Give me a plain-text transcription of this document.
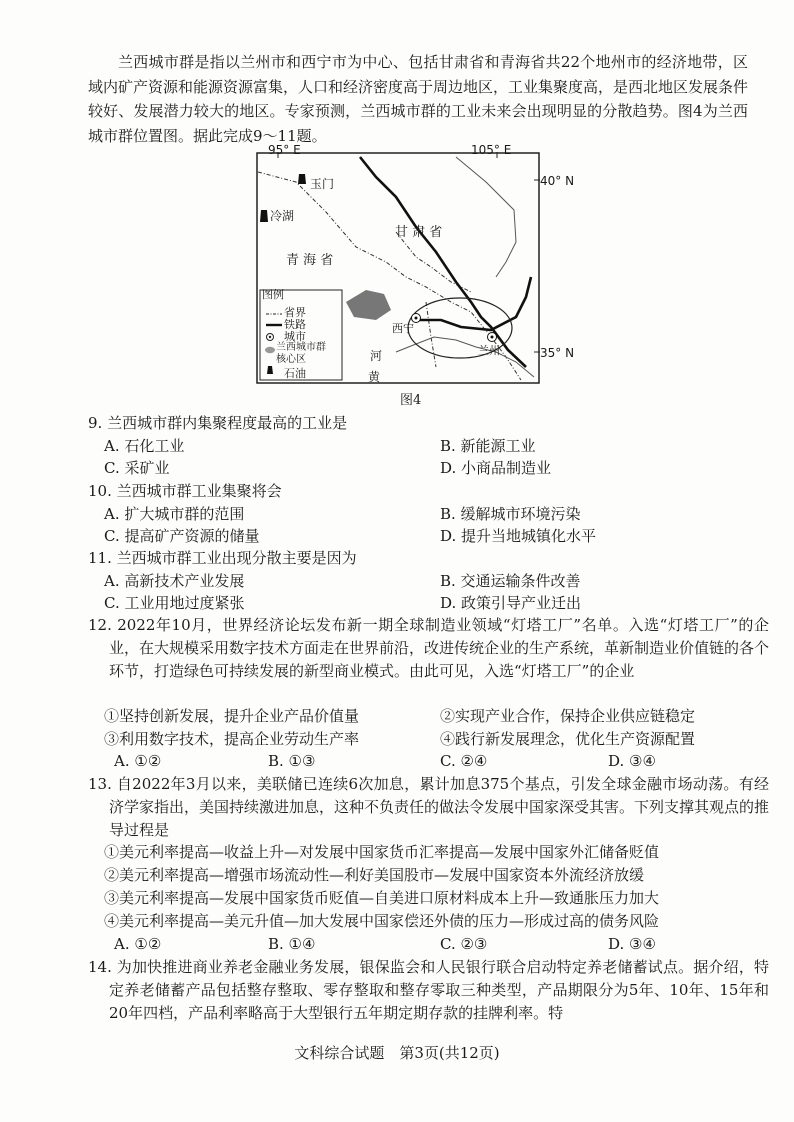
兰西城市群是指以兰州市和西宁市为中心、包括甘肃省和青海省共22个地州市的经济地带，区域内矿产资源和能源资源富集，人口和经济密度高于周边地区，工业集聚度高，是西北地区发展条件较好、发展潜力较大的地区。专家预测，兰西城市群的工业未来会出现明显的分散趋势。图4为兰西城市群位置图。据此完成9～11题。
95° E	105° E
40° N
35° N
玉门
冷湖
青 海 省
甘 肃 省
西宁
兰州
河
黄
图例
省界
铁路
城市
兰西城市群
核心区
石油
图4
9. 兰西城市群内集聚程度最高的工业是
A. 石化工业	B. 新能源工业
C. 采矿业	D. 小商品制造业
10. 兰西城市群工业集聚将会
A. 扩大城市群的范围	B. 缓解城市环境污染
C. 提高矿产资源的储量	D. 提升当地城镇化水平
11. 兰西城市群工业出现分散主要是因为
A. 高新技术产业发展	B. 交通运输条件改善
C. 工业用地过度紧张	D. 政策引导产业迁出
12. 2022年10月，世界经济论坛发布新一期全球制造业领域“灯塔工厂”名单。入选“灯塔工厂”的企业，在大规模采用数字技术方面走在世界前沿，改进传统企业的生产系统，革新制造业价值链的各个环节，打造绿色可持续发展的新型商业模式。由此可见，入选“灯塔工厂”的企业
①坚持创新发展，提升企业产品价值量	②实现产业合作，保持企业供应链稳定
③利用数字技术，提高企业劳动生产率	④践行新发展理念，优化生产资源配置
A. ①②	B. ①③	C. ②④	D. ③④
13. 自2022年3月以来，美联储已连续6次加息，累计加息375个基点，引发全球金融市场动荡。有经济学家指出，美国持续激进加息，这种不负责任的做法令发展中国家深受其害。下列支撑其观点的推导过程是
①美元利率提高—收益上升—对发展中国家货币汇率提高—发展中国家外汇储备贬值
②美元利率提高—增强市场流动性—利好美国股市—发展中国家资本外流经济放缓
③美元利率提高—发展中国家货币贬值—自美进口原材料成本上升—致通胀压力加大
④美元利率提高—美元升值—加大发展中国家偿还外债的压力—形成过高的债务风险
A. ①②	B. ①④	C. ②③	D. ③④
14. 为加快推进商业养老金融业务发展，银保监会和人民银行联合启动特定养老储蓄试点。据介绍，特定养老储蓄产品包括整存整取、零存整取和整存零取三种类型，产品期限分为5年、10年、15年和20年四档，产品利率略高于大型银行五年期定期存款的挂牌利率。特
文科综合试题　第3页(共12页)
